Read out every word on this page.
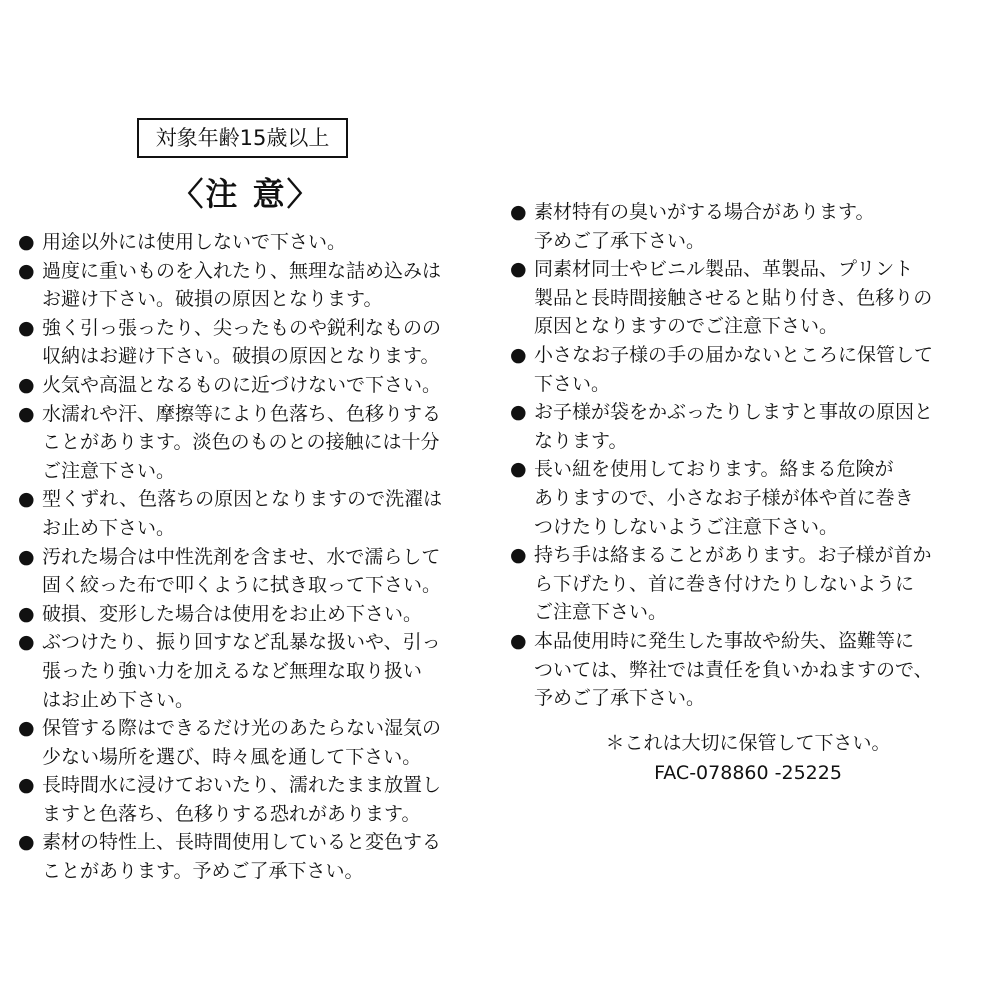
対象年齢15歳以上
〈注 意〉
● 用途以外には使用しないで下さい。
● 過度に重いものを入れたり、無理な詰め込みは
お避け下さい。破損の原因となります。
● 強く引っ張ったり、尖ったものや鋭利なものの
収納はお避け下さい。破損の原因となります。
● 火気や高温となるものに近づけないで下さい。
● 水濡れや汗、摩擦等により色落ち、色移りする
ことがあります。淡色のものとの接触には十分
ご注意下さい。
● 型くずれ、色落ちの原因となりますので洗濯は
お止め下さい。
● 汚れた場合は中性洗剤を含ませ、水で濡らして
固く絞った布で叩くように拭き取って下さい。
● 破損、変形した場合は使用をお止め下さい。
● ぶつけたり、振り回すなど乱暴な扱いや、引っ
張ったり強い力を加えるなど無理な取り扱い
はお止め下さい。
● 保管する際はできるだけ光のあたらない湿気の
少ない場所を選び、時々風を通して下さい。
● 長時間水に浸けておいたり、濡れたまま放置し
ますと色落ち、色移りする恐れがあります。
● 素材の特性上、長時間使用していると変色する
ことがあります。予めご了承下さい。
● 素材特有の臭いがする場合があります。
予めご了承下さい。
● 同素材同士やビニル製品、革製品、プリント
製品と長時間接触させると貼り付き、色移りの
原因となりますのでご注意下さい。
● 小さなお子様の手の届かないところに保管して
下さい。
● お子様が袋をかぶったりしますと事故の原因と
なります。
● 長い紐を使用しております。絡まる危険が
ありますので、小さなお子様が体や首に巻き
つけたりしないようご注意下さい。
● 持ち手は絡まることがあります。お子様が首か
ら下げたり、首に巻き付けたりしないように
ご注意下さい。
● 本品使用時に発生した事故や紛失、盗難等に
ついては、弊社では責任を負いかねますので、
予めご了承下さい。
＊これは大切に保管して下さい。
FAC-078860 -25225
